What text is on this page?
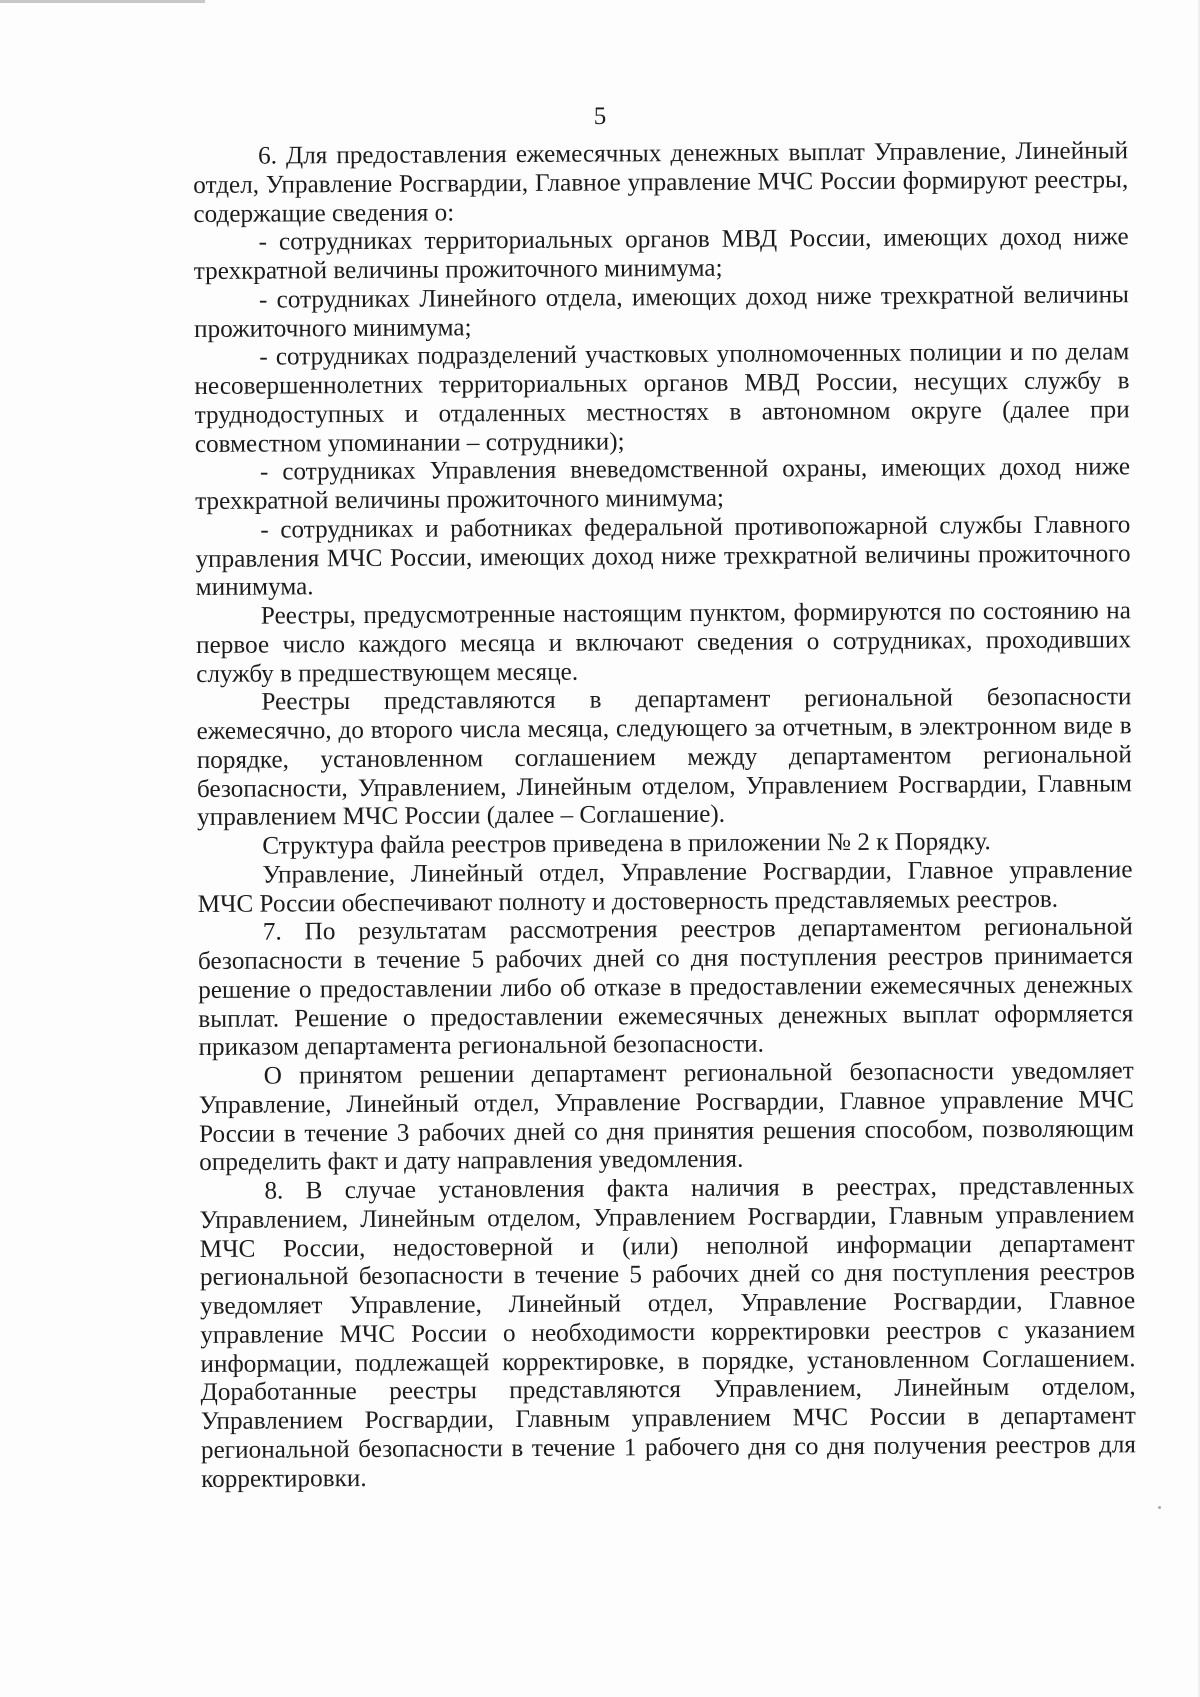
5

6. Для предоставления ежемесячных денежных выплат Управление, Линейный отдел, Управление Росгвардии, Главное управление МЧС России формируют реестры, содержащие сведения о:

- сотрудниках территориальных органов МВД России, имеющих доход ниже трехкратной величины прожиточного минимума;

- сотрудниках Линейного отдела, имеющих доход ниже трехкратной величины прожиточного минимума;

- сотрудниках подразделений участковых уполномоченных полиции и по делам несовершеннолетних территориальных органов МВД России, несущих службу в труднодоступных и отдаленных местностях в автономном округе (далее при совместном упоминании – сотрудники);

- сотрудниках Управления вневедомственной охраны, имеющих доход ниже трехкратной величины прожиточного минимума;

- сотрудниках и работниках федеральной противопожарной службы Главного управления МЧС России, имеющих доход ниже трехкратной величины прожиточного минимума.

Реестры, предусмотренные настоящим пунктом, формируются по состоянию на первое число каждого месяца и включают сведения о сотрудниках, проходивших службу в предшествующем месяце.

Реестры представляются в департамент региональной безопасности ежемесячно, до второго числа месяца, следующего за отчетным, в электронном виде в порядке, установленном соглашением между департаментом региональной безопасности, Управлением, Линейным отделом, Управлением Росгвардии, Главным управлением МЧС России (далее – Соглашение).

Структура файла реестров приведена в приложении № 2 к Порядку.

Управление, Линейный отдел, Управление Росгвардии, Главное управление МЧС России обеспечивают полноту и достоверность представляемых реестров.

7. По результатам рассмотрения реестров департаментом региональной безопасности в течение 5 рабочих дней со дня поступления реестров принимается решение о предоставлении либо об отказе в предоставлении ежемесячных денежных выплат. Решение о предоставлении ежемесячных денежных выплат оформляется приказом департамента региональной безопасности.

О принятом решении департамент региональной безопасности уведомляет Управление, Линейный отдел, Управление Росгвардии, Главное управление МЧС России в течение 3 рабочих дней со дня принятия решения способом, позволяющим определить факт и дату направления уведомления.

8. В случае установления факта наличия в реестрах, представленных Управлением, Линейным отделом, Управлением Росгвардии, Главным управлением МЧС России, недостоверной и (или) неполной информации департамент региональной безопасности в течение 5 рабочих дней со дня поступления реестров уведомляет Управление, Линейный отдел, Управление Росгвардии, Главное управление МЧС России о необходимости корректировки реестров с указанием информации, подлежащей корректировке, в порядке, установленном Соглашением. Доработанные реестры представляются Управлением, Линейным отделом, Управлением Росгвардии, Главным управлением МЧС России в департамент региональной безопасности в течение 1 рабочего дня со дня получения реестров для корректировки.
